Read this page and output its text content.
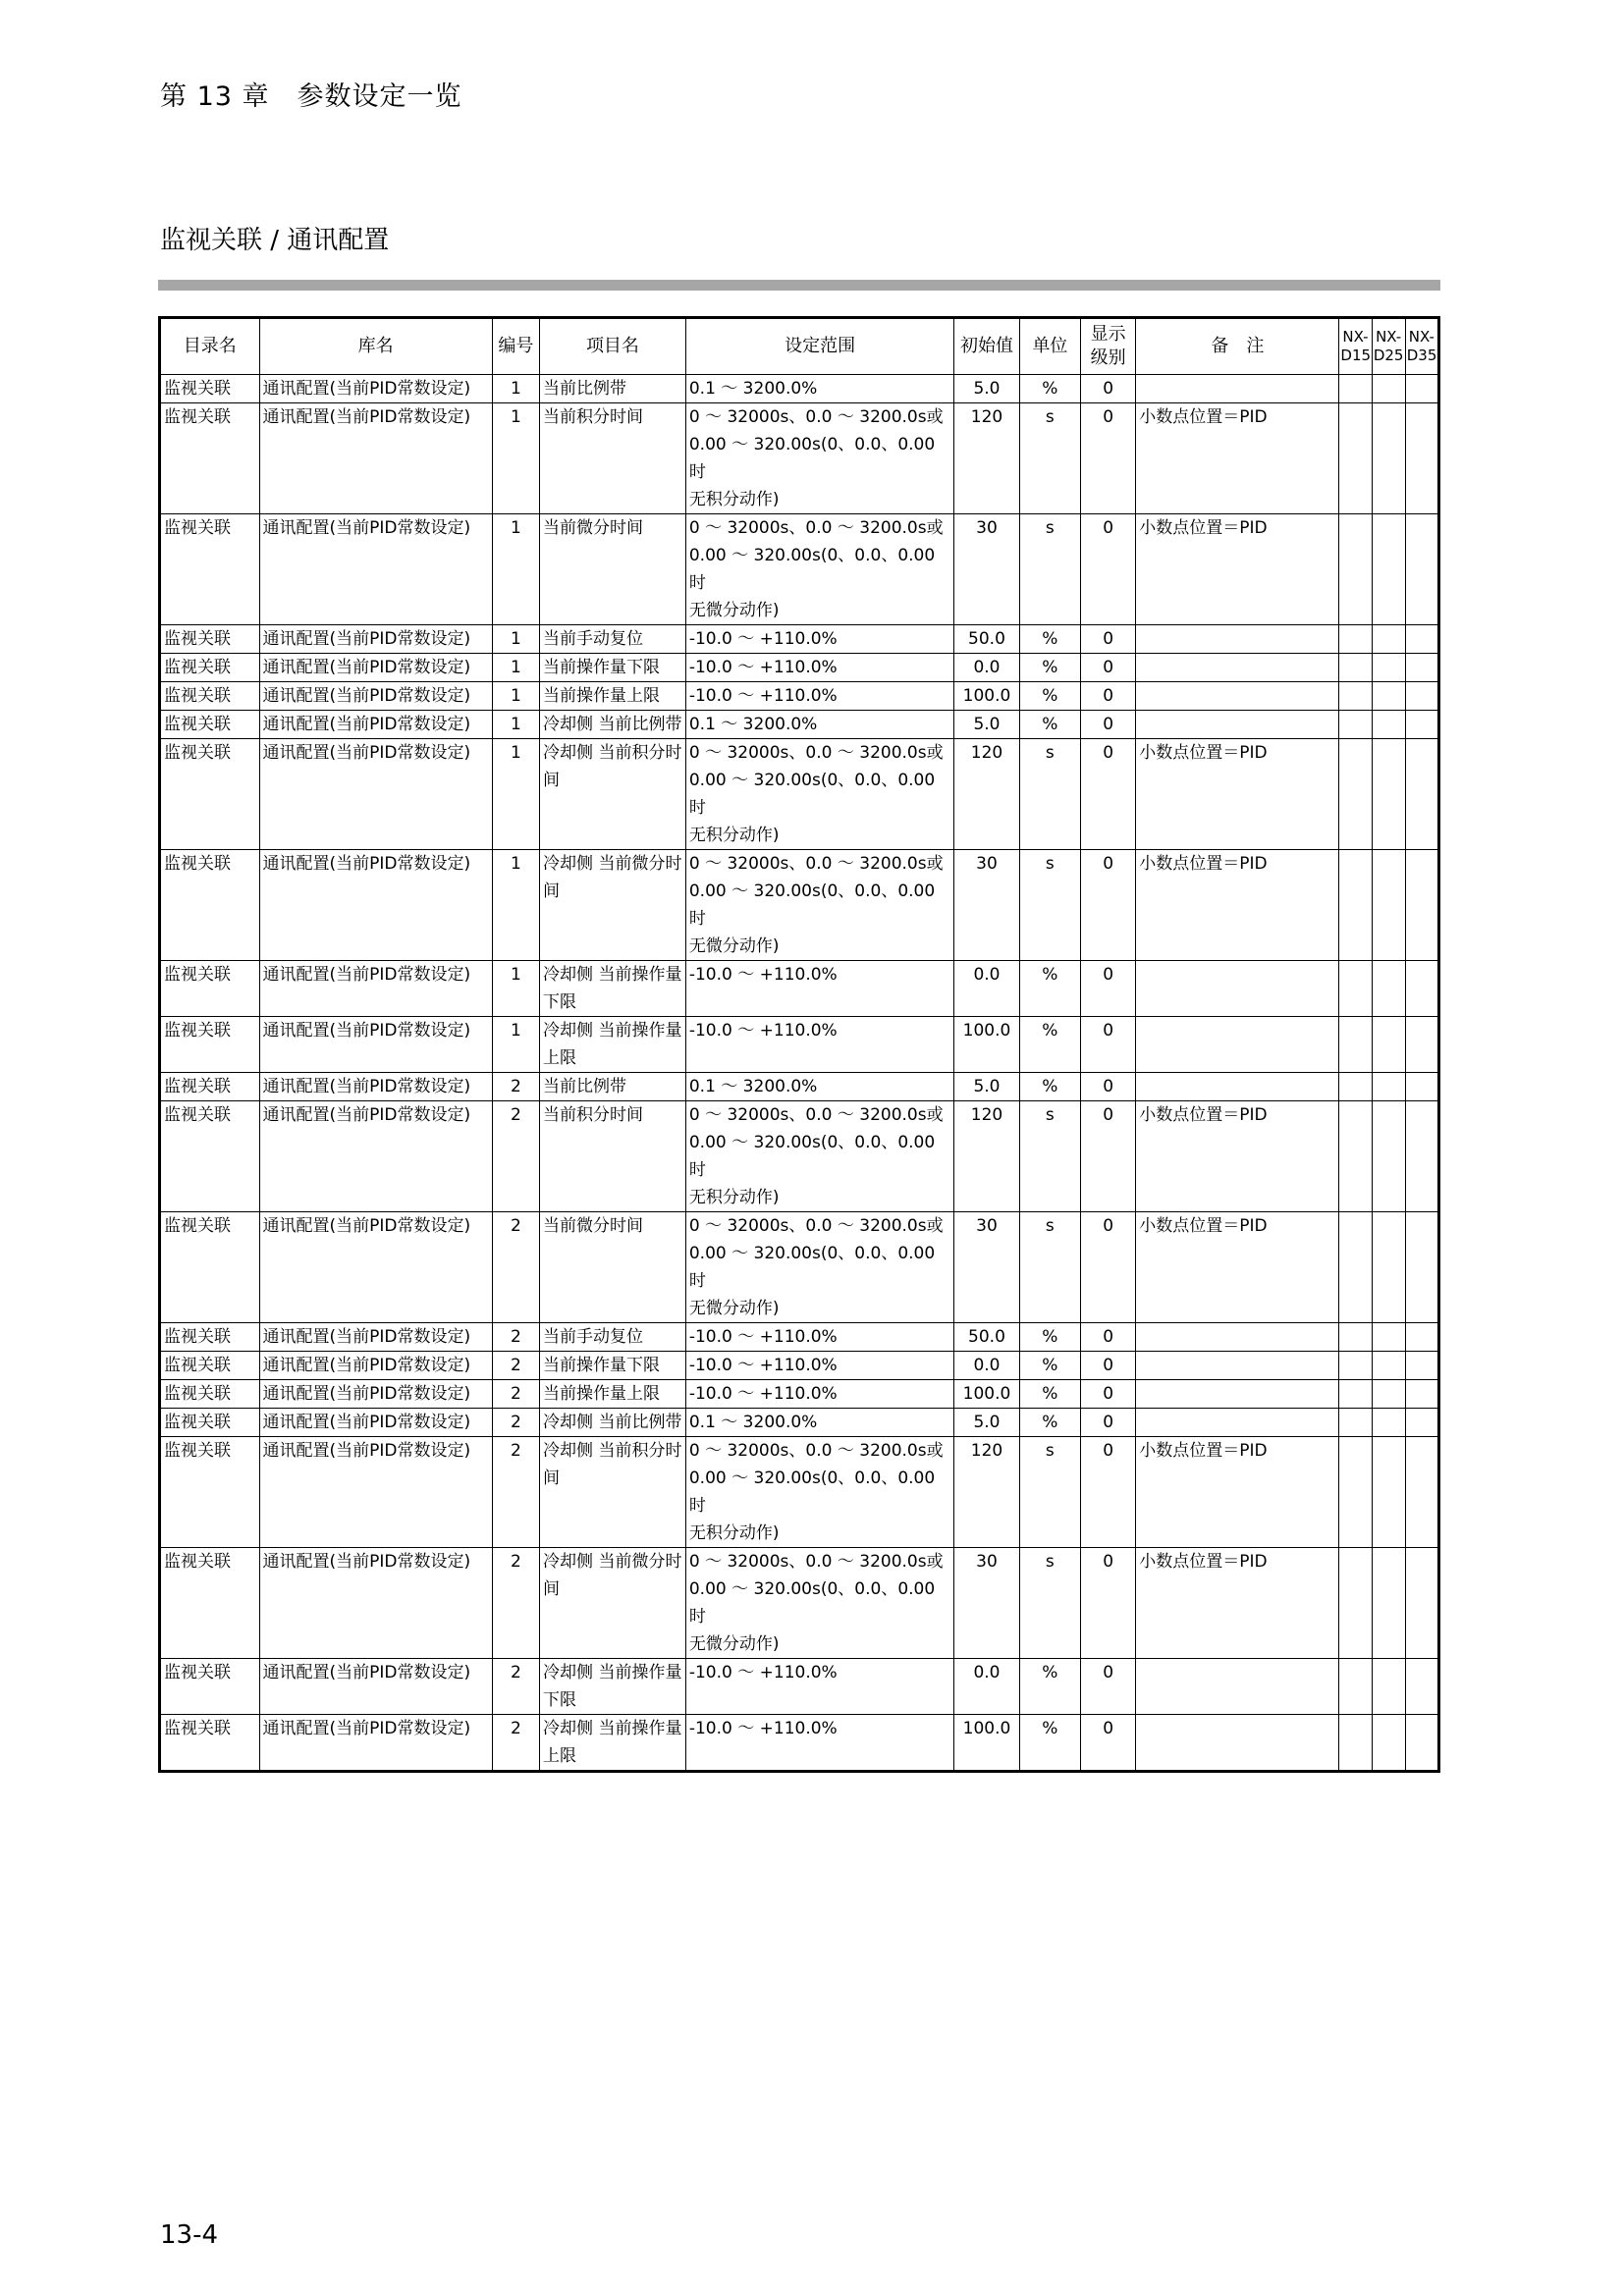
第 13 章　参数设定一览
监视关联 / 通讯配置
目录名	库名	编号	项目名	设定范围	初始值	单位	显示级别	备　注	NX-D15	NX-D25	NX-D35
监视关联	通讯配置(当前PID常数设定)	1	当前比例带	0.1 ～ 3200.0%	5.0	%	0				
监视关联	通讯配置(当前PID常数设定)	1	当前积分时间	0 ～ 32000s、0.0 ～ 3200.0s或
0.00 ～ 320.00s(0、0.0、0.00时
无积分动作)	120	s	0	小数点位置＝PID			
监视关联	通讯配置(当前PID常数设定)	1	当前微分时间	0 ～ 32000s、0.0 ～ 3200.0s或
0.00 ～ 320.00s(0、0.0、0.00时
无微分动作)	30	s	0	小数点位置＝PID			
监视关联	通讯配置(当前PID常数设定)	1	当前手动复位	-10.0 ～ +110.0%	50.0	%	0				
监视关联	通讯配置(当前PID常数设定)	1	当前操作量下限	-10.0 ～ +110.0%	0.0	%	0				
监视关联	通讯配置(当前PID常数设定)	1	当前操作量上限	-10.0 ～ +110.0%	100.0	%	0				
监视关联	通讯配置(当前PID常数设定)	1	冷却侧 当前比例带	0.1 ～ 3200.0%	5.0	%	0				
监视关联	通讯配置(当前PID常数设定)	1	冷却侧 当前积分时间	0 ～ 32000s、0.0 ～ 3200.0s或
0.00 ～ 320.00s(0、0.0、0.00时
无积分动作)	120	s	0	小数点位置＝PID			
监视关联	通讯配置(当前PID常数设定)	1	冷却侧 当前微分时间	0 ～ 32000s、0.0 ～ 3200.0s或
0.00 ～ 320.00s(0、0.0、0.00时
无微分动作)	30	s	0	小数点位置＝PID			
监视关联	通讯配置(当前PID常数设定)	1	冷却侧 当前操作量下限	-10.0 ～ +110.0%	0.0	%	0				
监视关联	通讯配置(当前PID常数设定)	1	冷却侧 当前操作量上限	-10.0 ～ +110.0%	100.0	%	0				
监视关联	通讯配置(当前PID常数设定)	2	当前比例带	0.1 ～ 3200.0%	5.0	%	0				
监视关联	通讯配置(当前PID常数设定)	2	当前积分时间	0 ～ 32000s、0.0 ～ 3200.0s或
0.00 ～ 320.00s(0、0.0、0.00时
无积分动作)	120	s	0	小数点位置＝PID			
监视关联	通讯配置(当前PID常数设定)	2	当前微分时间	0 ～ 32000s、0.0 ～ 3200.0s或
0.00 ～ 320.00s(0、0.0、0.00时
无微分动作)	30	s	0	小数点位置＝PID			
监视关联	通讯配置(当前PID常数设定)	2	当前手动复位	-10.0 ～ +110.0%	50.0	%	0				
监视关联	通讯配置(当前PID常数设定)	2	当前操作量下限	-10.0 ～ +110.0%	0.0	%	0				
监视关联	通讯配置(当前PID常数设定)	2	当前操作量上限	-10.0 ～ +110.0%	100.0	%	0				
监视关联	通讯配置(当前PID常数设定)	2	冷却侧 当前比例带	0.1 ～ 3200.0%	5.0	%	0				
监视关联	通讯配置(当前PID常数设定)	2	冷却侧 当前积分时间	0 ～ 32000s、0.0 ～ 3200.0s或
0.00 ～ 320.00s(0、0.0、0.00时
无积分动作)	120	s	0	小数点位置＝PID			
监视关联	通讯配置(当前PID常数设定)	2	冷却侧 当前微分时间	0 ～ 32000s、0.0 ～ 3200.0s或
0.00 ～ 320.00s(0、0.0、0.00时
无微分动作)	30	s	0	小数点位置＝PID			
监视关联	通讯配置(当前PID常数设定)	2	冷却侧 当前操作量下限	-10.0 ～ +110.0%	0.0	%	0				
监视关联	通讯配置(当前PID常数设定)	2	冷却侧 当前操作量上限	-10.0 ～ +110.0%	100.0	%	0				
13-4
